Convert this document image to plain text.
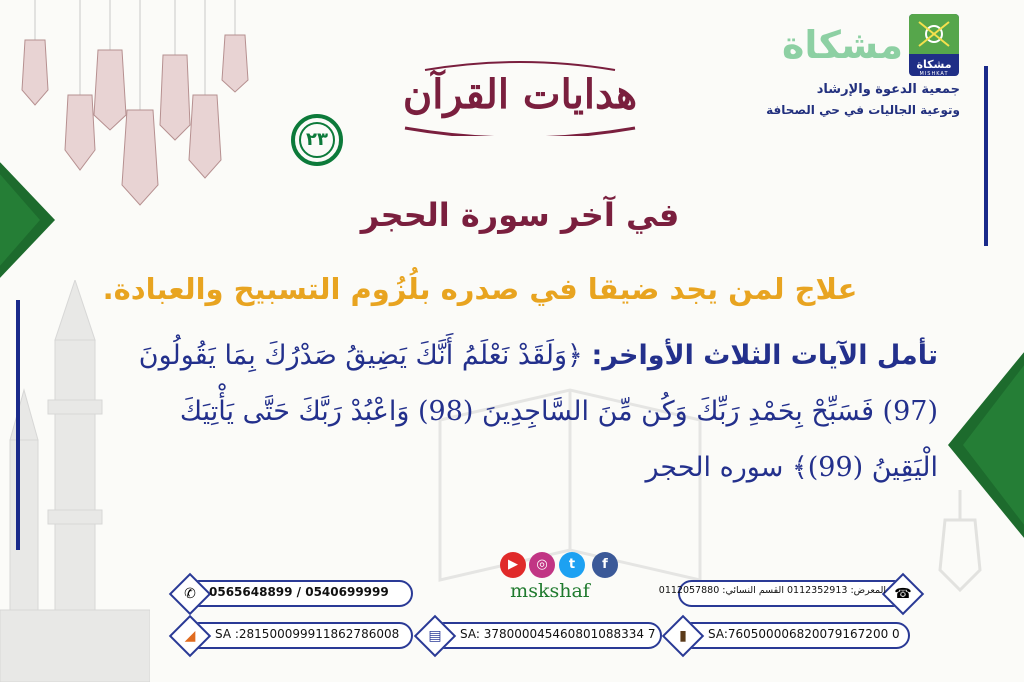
مشكاة	مشكاة
MISHKAT
جمعية الدعوة والإرشاد
وتوعية الجاليات في حي الصحافة
هدايات القرآن
٢٣
في آخر سورة الحجر
علاج لمن يجد ضيقا في صدره بلُزُوم التسبيح والعبادة.
تأمل الآيات الثلاث الأواخر: ﴿وَلَقَدْ نَعْلَمُ أَنَّكَ يَضِيقُ صَدْرُكَ بِمَا يَقُولُونَ (97) فَسَبِّحْ بِحَمْدِ رَبِّكَ وَكُن مِّنَ السَّاجِدِينَ (98) وَاعْبُدْ رَبَّكَ حَتَّى يَأْتِيَكَ الْيَقِينُ (99)﴾ سوره الحجر
▶	◎	t	f
mskshaf
✆	0565648899 / 0540699999	☎
المعرض: 0112352913 القسم النسائي: 0112057880
◢	SA :281500099911862786008 ▤ SA: 378000045460801088334 7	▮	SA:760500006820079167200 0
